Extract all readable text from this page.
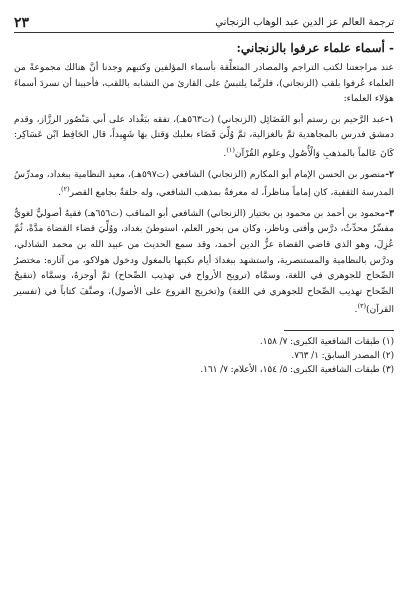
ترجمة العالم عز الدين عبد الوهاب الزنجاني
٢٣
- أسماء علماء عرفوا بالزنجاني:

عند مراجعتنا لكتب التراجم والمصادر المتعلِّقة بأسماء المؤلفين وكتبهم وجدنا أنَّ هنالك مجموعةً من العلماء عُرفوا بلقب (الزنجاني)، فلربَّما يلتبسُ على القارئ من التشابه باللقب، فأحببنا أن نسردَ أسماءَ هؤلاء العلماء:

١-عبد الرَّحيم بن رستم أبو الفَضَائِل (الزنجاني) (ت٥٦٣هـ)، تفقه ببَغْداد على أبي مَنْصُور الرزَّاز، وقدم دمشق فدرس بالمجاهدية ثمَّ بالغزالية، ثمَّ وُلِّيَ قَضَاء بعلبك وَقتل بهَا شَهِيداً، قال الحَافِظ ابْن عَسَاكِر: كَانَ عَالماً بالمذهبِ وَالْأُصُول وعلوم القُرْآن$^{(١)}$.

٢-منصور بن الحسن الإمام أبو المكارم (الزنجاني) الشافعي (ت٥٩٧هـ)، معيد النظامية ببغداد، ومدرِّسُ المدرسة الثقفية، كان إماماً مناظراً، له معرفةٌ بمذهب الشافعي، وله حلقةٌ بجامع القصر$^{(٢)}$.

٣-محمود بن أحمد بن محمود بن بختيار (الزنجاني) الشافعي أبو المناقب (ت٦٥٦هـ) فقيهٌ أصوليٌّ لغويٌّ مفسِّرٌ محدِّثٌ، درَّس وأفتى وناظر، وكان من بحور العلم، استوطنَ بغداد، ووُلِّيَ قضاء القضاة مدَّةً، ثُمَّ عُزِلَ، وهو الذي قاضي القضاة عزُّ الدين أحمد، وقد سمع الحديث من عبيد الله بن محمد الشاذلي، ودرَّس بالنظامية والمستنصرية، واستشهد ببغدادَ أيام نكبتها بالمغول ودخول هولاكو، من آثاره: مختصرُ الصِّحاح للجوهري في اللغة، وسمَّاه (ترويح الأرواح في تهذيب الصِّحاح) ثمَّ أوجزهُ، وسمَّاه (تنقيحُ الصِّحاح تهذيب الصِّحاح للجوهري في اللغة) و(تخريج الفروع على الأصول)، وصنَّفَ كتاباً في (تفسير القرآن)$^{(٣)}$.

(١) طبقات الشافعية الكبرى: ٧/ ١٥٨.
(٢) المصدر السابق: ١/ ٧٦٣.
(٣) طبقات الشافعية الكبرى: ٥/ ١٥٤، الأعلام: ٧/ ١٦١.
